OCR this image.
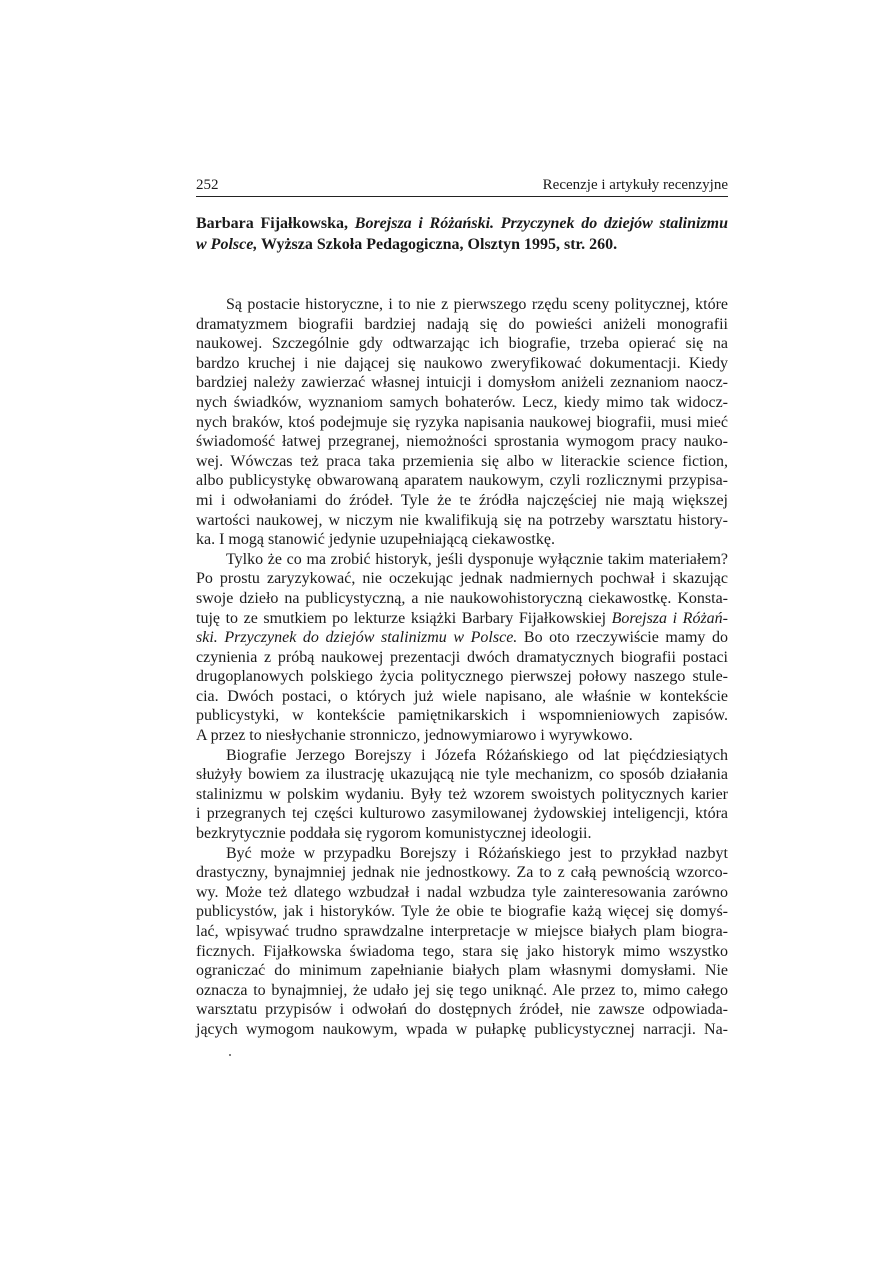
252	Recenzje i artykuły recenzyjne
Barbara Fijałkowska, Borejsza i Różański. Przyczynek do dziejów stalinizmu
w Polsce, Wyższa Szkoła Pedagogiczna, Olsztyn 1995, str. 260.
Są postacie historyczne, i to nie z pierwszego rzędu sceny politycznej, które
dramatyzmem biografii bardziej nadają się do powieści aniżeli monografii
naukowej. Szczególnie gdy odtwarzając ich biografie, trzeba opierać się na
bardzo kruchej i nie dającej się naukowo zweryfikować dokumentacji. Kiedy
bardziej należy zawierzać własnej intuicji i domysłom aniżeli zeznaniom naocz-
nych świadków, wyznaniom samych bohaterów. Lecz, kiedy mimo tak widocz-
nych braków, ktoś podejmuje się ryzyka napisania naukowej biografii, musi mieć
świadomość łatwej przegranej, niemożności sprostania wymogom pracy nauko-
wej. Wówczas też praca taka przemienia się albo w literackie science fiction,
albo publicystykę obwarowaną aparatem naukowym, czyli rozlicznymi przypisa-
mi i odwołaniami do źródeł. Tyle że te źródła najczęściej nie mają większej
wartości naukowej, w niczym nie kwalifikują się na potrzeby warsztatu history-
ka. I mogą stanowić jedynie uzupełniającą ciekawostkę.
Tylko że co ma zrobić historyk, jeśli dysponuje wyłącznie takim materiałem?
Po prostu zaryzykować, nie oczekując jednak nadmiernych pochwał i skazując
swoje dzieło na publicystyczną, a nie naukowohistoryczną ciekawostkę. Konsta-
tuję to ze smutkiem po lekturze książki Barbary Fijałkowskiej Borejsza i Różań-
ski. Przyczynek do dziejów stalinizmu w Polsce. Bo oto rzeczywiście mamy do
czynienia z próbą naukowej prezentacji dwóch dramatycznych biografii postaci
drugoplanowych polskiego życia politycznego pierwszej połowy naszego stule-
cia. Dwóch postaci, o których już wiele napisano, ale właśnie w kontekście
publicystyki, w kontekście pamiętnikarskich i wspomnieniowych zapisów.
A przez to niesłychanie stronniczo, jednowymiarowo i wyrywkowo.
Biografie Jerzego Borejszy i Józefa Różańskiego od lat pięćdziesiątych
służyły bowiem za ilustrację ukazującą nie tyle mechanizm, co sposób działania
stalinizmu w polskim wydaniu. Były też wzorem swoistych politycznych karier
i przegranych tej części kulturowo zasymilowanej żydowskiej inteligencji, która
bezkrytycznie poddała się rygorom komunistycznej ideologii.
Być może w przypadku Borejszy i Różańskiego jest to przykład nazbyt
drastyczny, bynajmniej jednak nie jednostkowy. Za to z całą pewnością wzorco-
wy. Może też dlatego wzbudzał i nadal wzbudza tyle zainteresowania zarówno
publicystów, jak i historyków. Tyle że obie te biografie każą więcej się domyś-
lać, wpisywać trudno sprawdzalne interpretacje w miejsce białych plam biogra-
ficznych. Fijałkowska świadoma tego, stara się jako historyk mimo wszystko
ograniczać do minimum zapełnianie białych plam własnymi domysłami. Nie
oznacza to bynajmniej, że udało jej się tego uniknąć. Ale przez to, mimo całego
warsztatu przypisów i odwołań do dostępnych źródeł, nie zawsze odpowiada-
jących wymogom naukowym, wpada w pułapkę publicystycznej narracji. Na-
